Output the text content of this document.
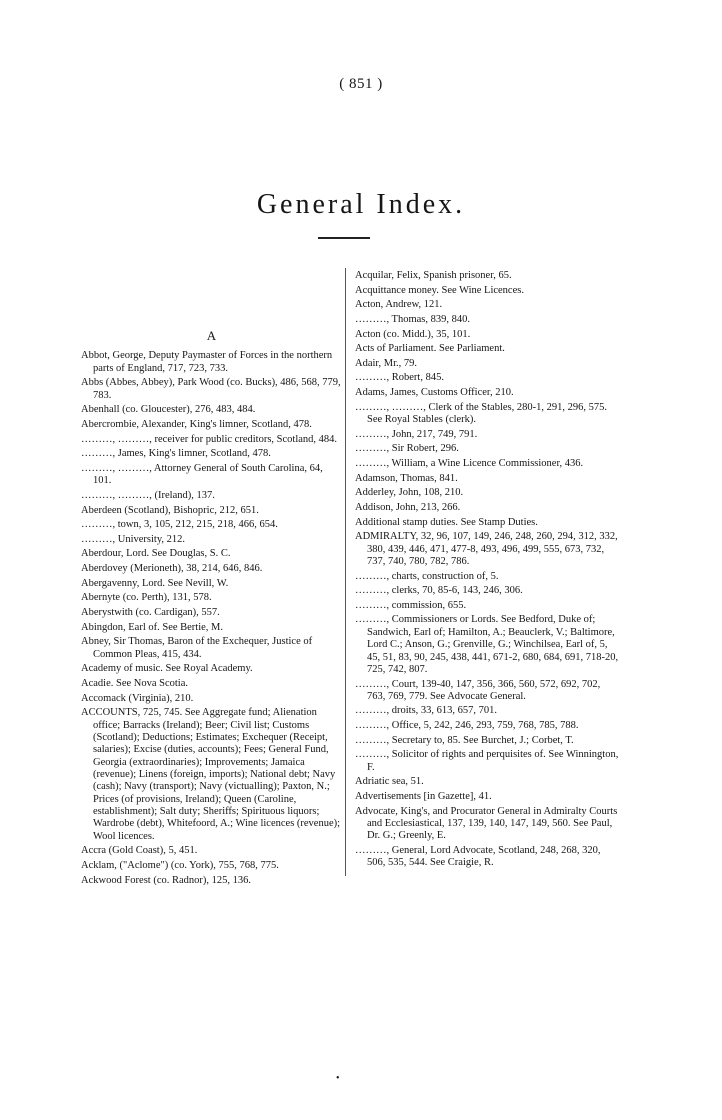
( 851 )
General Index.
A
Abbot, George, Deputy Paymaster of Forces in the northern parts of England, 717, 723, 733.
Abbs (Abbes, Abbey), Park Wood (co. Bucks), 486, 568, 779, 783.
Abenhall (co. Gloucester), 276, 483, 484.
Abercrombie, Alexander, King's limner, Scotland, 478.
………, ………, receiver for public creditors, Scotland, 484.
………, James, King's limner, Scotland, 478.
………, ………, Attorney General of South Carolina, 64, 101.
………, ………, (Ireland), 137.
Aberdeen (Scotland), Bishopric, 212, 651.
………, town, 3, 105, 212, 215, 218, 466, 654.
………, University, 212.
Aberdour, Lord. See Douglas, S. C.
Aberdovey (Merioneth), 38, 214, 646, 846.
Abergavenny, Lord. See Nevill, W.
Abernyte (co. Perth), 131, 578.
Aberystwith (co. Cardigan), 557.
Abingdon, Earl of. See Bertie, M.
Abney, Sir Thomas, Baron of the Exchequer, Justice of Common Pleas, 415, 434.
Academy of music. See Royal Academy.
Acadie. See Nova Scotia.
Accomack (Virginia), 210.
ACCOUNTS, 725, 745. See Aggregate fund; Alienation office; Barracks (Ireland); Beer; Civil list; Customs (Scotland); Deductions; Estimates; Exchequer (Receipt, salaries); Excise (duties, accounts); Fees; General Fund, Georgia (extraordinaries); Improvements; Jamaica (revenue); Linens (foreign, imports); National debt; Navy (cash); Navy (transport); Navy (victualling); Paxton, N.; Prices (of provisions, Ireland); Queen (Caroline, establishment); Salt duty; Sheriffs; Spirituous liquors; Wardrobe (debt), Whitefoord, A.; Wine licences (revenue); Wool licences.
Accra (Gold Coast), 5, 451.
Acklam, ("Aclome") (co. York), 755, 768, 775.
Ackwood Forest (co. Radnor), 125, 136.
Acquilar, Felix, Spanish prisoner, 65.
Acquittance money. See Wine Licences.
Acton, Andrew, 121.
………, Thomas, 839, 840.
Acton (co. Midd.), 35, 101.
Acts of Parliament. See Parliament.
Adair, Mr., 79.
………, Robert, 845.
Adams, James, Customs Officer, 210.
………, ………, Clerk of the Stables, 280-1, 291, 296, 575. See Royal Stables (clerk).
………, John, 217, 749, 791.
………, Sir Robert, 296.
………, William, a Wine Licence Commissioner, 436.
Adamson, Thomas, 841.
Adderley, John, 108, 210.
Addison, John, 213, 266.
Additional stamp duties. See Stamp Duties.
ADMIRALTY, 32, 96, 107, 149, 246, 248, 260, 294, 312, 332, 380, 439, 446, 471, 477-8, 493, 496, 499, 555, 673, 732, 737, 740, 780, 782, 786.
………, charts, construction of, 5.
………, clerks, 70, 85-6, 143, 246, 306.
………, commission, 655.
………, Commissioners or Lords. See Bedford, Duke of; Sandwich, Earl of; Hamilton, A.; Beauclerk, V.; Baltimore, Lord C.; Anson, G.; Grenville, G.; Winchilsea, Earl of, 5, 45, 51, 83, 90, 245, 438, 441, 671-2, 680, 684, 691, 718-20, 725, 742, 807.
………, Court, 139-40, 147, 356, 366, 560, 572, 692, 702, 763, 769, 779. See Advocate General.
………, droits, 33, 613, 657, 701.
………, Office, 5, 242, 246, 293, 759, 768, 785, 788.
………, Secretary to, 85. See Burchet, J.; Corbet, T.
………, Solicitor of rights and perquisites of. See Winnington, F.
Adriatic sea, 51.
Advertisements [in Gazette], 41.
Advocate, King's, and Procurator General in Admiralty Courts and Ecclesiastical, 137, 139, 140, 147, 149, 560. See Paul, Dr. G.; Greenly, E.
………, General, Lord Advocate, Scotland, 248, 268, 320, 506, 535, 544. See Craigie, R.
•
